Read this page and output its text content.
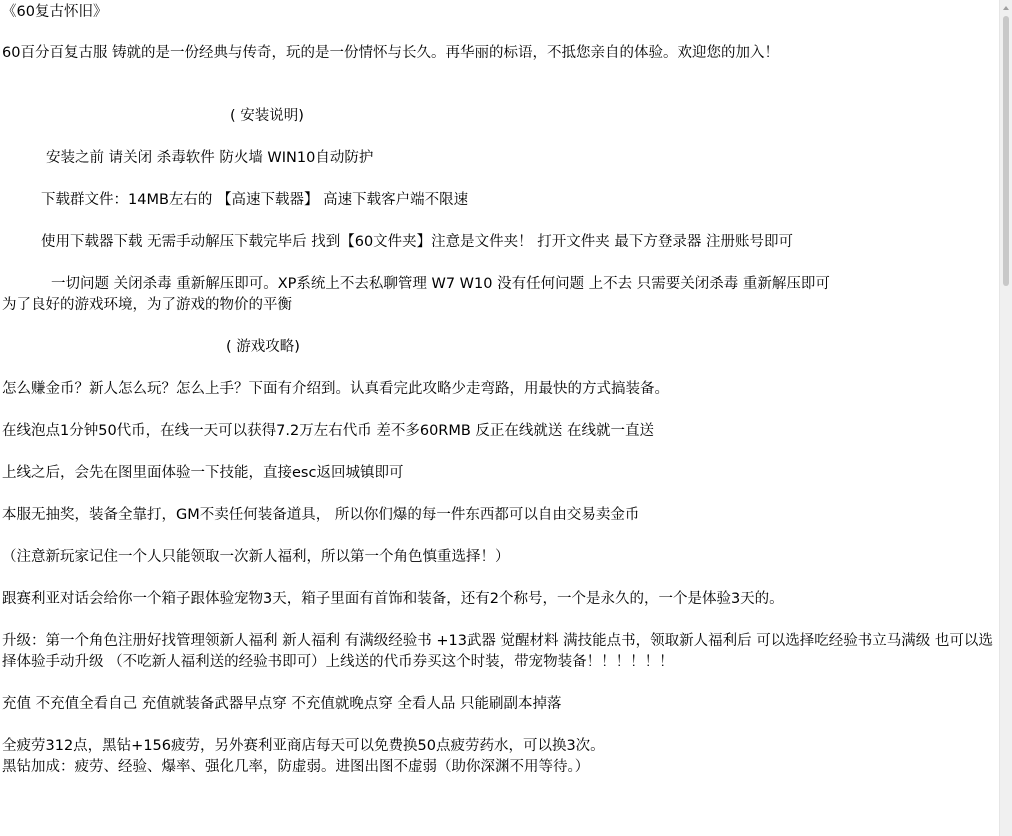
《60复古怀旧》
60百分百复古服 铸就的是一份经典与传奇，玩的是一份情怀与长久。再华丽的标语，不抵您亲自的体验。欢迎您的加入！
( 安装说明)
安装之前 请关闭 杀毒软件 防火墙 WIN10自动防护
下载群文件：14MB左右的 【高速下载器】 高速下载客户端不限速
使用下载器下载 无需手动解压下载完毕后 找到【60文件夹】注意是文件夹！ 打开文件夹 最下方登录器 注册账号即可
一切问题 关闭杀毒 重新解压即可。XP系统上不去私聊管理 W7 W10 没有任何问题 上不去 只需要关闭杀毒 重新解压即可
为了良好的游戏环境，为了游戏的物价的平衡
( 游戏攻略)
怎么赚金币？新人怎么玩？怎么上手？下面有介绍到。认真看完此攻略少走弯路，用最快的方式搞装备。
在线泡点1分钟50代币，在线一天可以获得7.2万左右代币 差不多60RMB 反正在线就送 在线就一直送
上线之后，会先在图里面体验一下技能，直接esc返回城镇即可
本服无抽奖，装备全靠打，GM不卖任何装备道具， 所以你们爆的每一件东西都可以自由交易卖金币
（注意新玩家记住一个人只能领取一次新人福利，所以第一个角色慎重选择！）
跟赛利亚对话会给你一个箱子跟体验宠物3天，箱子里面有首饰和装备，还有2个称号，一个是永久的，一个是体验3天的。
升级：第一个角色注册好找管理领新人福利 新人福利 有满级经验书 +13武器 觉醒材料 满技能点书，领取新人福利后 可以选择吃经验书立马满级 也可以选择体验手动升级 （不吃新人福利送的经验书即可）上线送的代币券买这个时装，带宠物装备！！！！！！
充值 不充值全看自己 充值就装备武器早点穿 不充值就晚点穿 全看人品 只能刷副本掉落
全疲劳312点，黑钻+156疲劳，另外赛利亚商店每天可以免费换50点疲劳药水，可以换3次。
黑钻加成：疲劳、经验、爆率、强化几率，防虚弱。进图出图不虚弱（助你深渊不用等待。）
